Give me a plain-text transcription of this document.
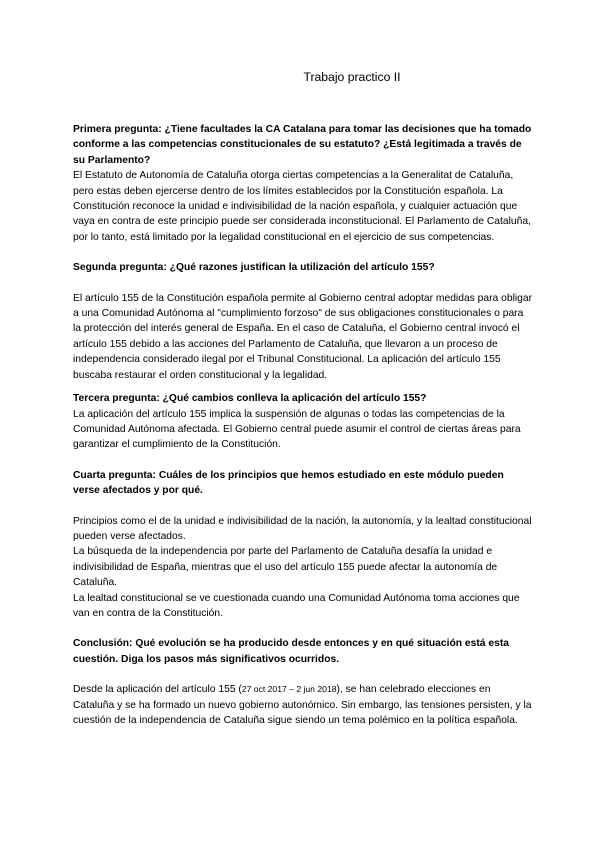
Trabajo practico II

Primera pregunta: ¿Tiene facultades la CA Catalana para tomar las decisiones que ha tomado conforme a las competencias constitucionales de su estatuto? ¿Está legitimada a través de su Parlamento?

El Estatuto de Autonomía de Cataluña otorga ciertas competencias a la Generalitat de Cataluña, pero estas deben ejercerse dentro de los límites establecidos por la Constitución española. La Constitución reconoce la unidad e indivisibilidad de la nación española, y cualquier actuación que vaya en contra de este principio puede ser considerada inconstitucional. El Parlamento de Cataluña, por lo tanto, está limitado por la legalidad constitucional en el ejercicio de sus competencias.

Segunda pregunta: ¿Qué razones justifican la utilización del artículo 155?

El artículo 155 de la Constitución española permite al Gobierno central adoptar medidas para obligar a una Comunidad Autónoma al "cumplimiento forzoso" de sus obligaciones constitucionales o para la protección del interés general de España. En el caso de Cataluña, el Gobierno central invocó el artículo 155 debido a las acciones del Parlamento de Cataluña, que llevaron a un proceso de independencia considerado ilegal por el Tribunal Constitucional. La aplicación del artículo 155 buscaba restaurar el orden constitucional y la legalidad.

Tercera pregunta: ¿Qué cambios conlleva la aplicación del artículo 155?

La aplicación del artículo 155 implica la suspensión de algunas o todas las competencias de la Comunidad Autónoma afectada. El Gobierno central puede asumir el control de ciertas áreas para garantizar el cumplimiento de la Constitución.

Cuarta pregunta: Cuáles de los principios que hemos estudiado en este módulo pueden verse afectados y por qué.

Principios como el de la unidad e indivisibilidad de la nación, la autonomía, y la lealtad constitucional pueden verse afectados.

La búsqueda de la independencia por parte del Parlamento de Cataluña desafía la unidad e indivisibilidad de España, mientras que el uso del artículo 155 puede afectar la autonomía de Cataluña.

La lealtad constitucional se ve cuestionada cuando una Comunidad Autónoma toma acciones que van en contra de la Constitución.

Conclusión: Qué evolución se ha producido desde entonces y en qué situación está esta cuestión. Diga los pasos más significativos ocurridos.

Desde la aplicación del artículo 155 (27 oct 2017 – 2 jun 2018), se han celebrado elecciones en Cataluña y se ha formado un nuevo gobierno autonómico. Sin embargo, las tensiones persisten, y la cuestión de la independencia de Cataluña sigue siendo un tema polémico en la política española.
